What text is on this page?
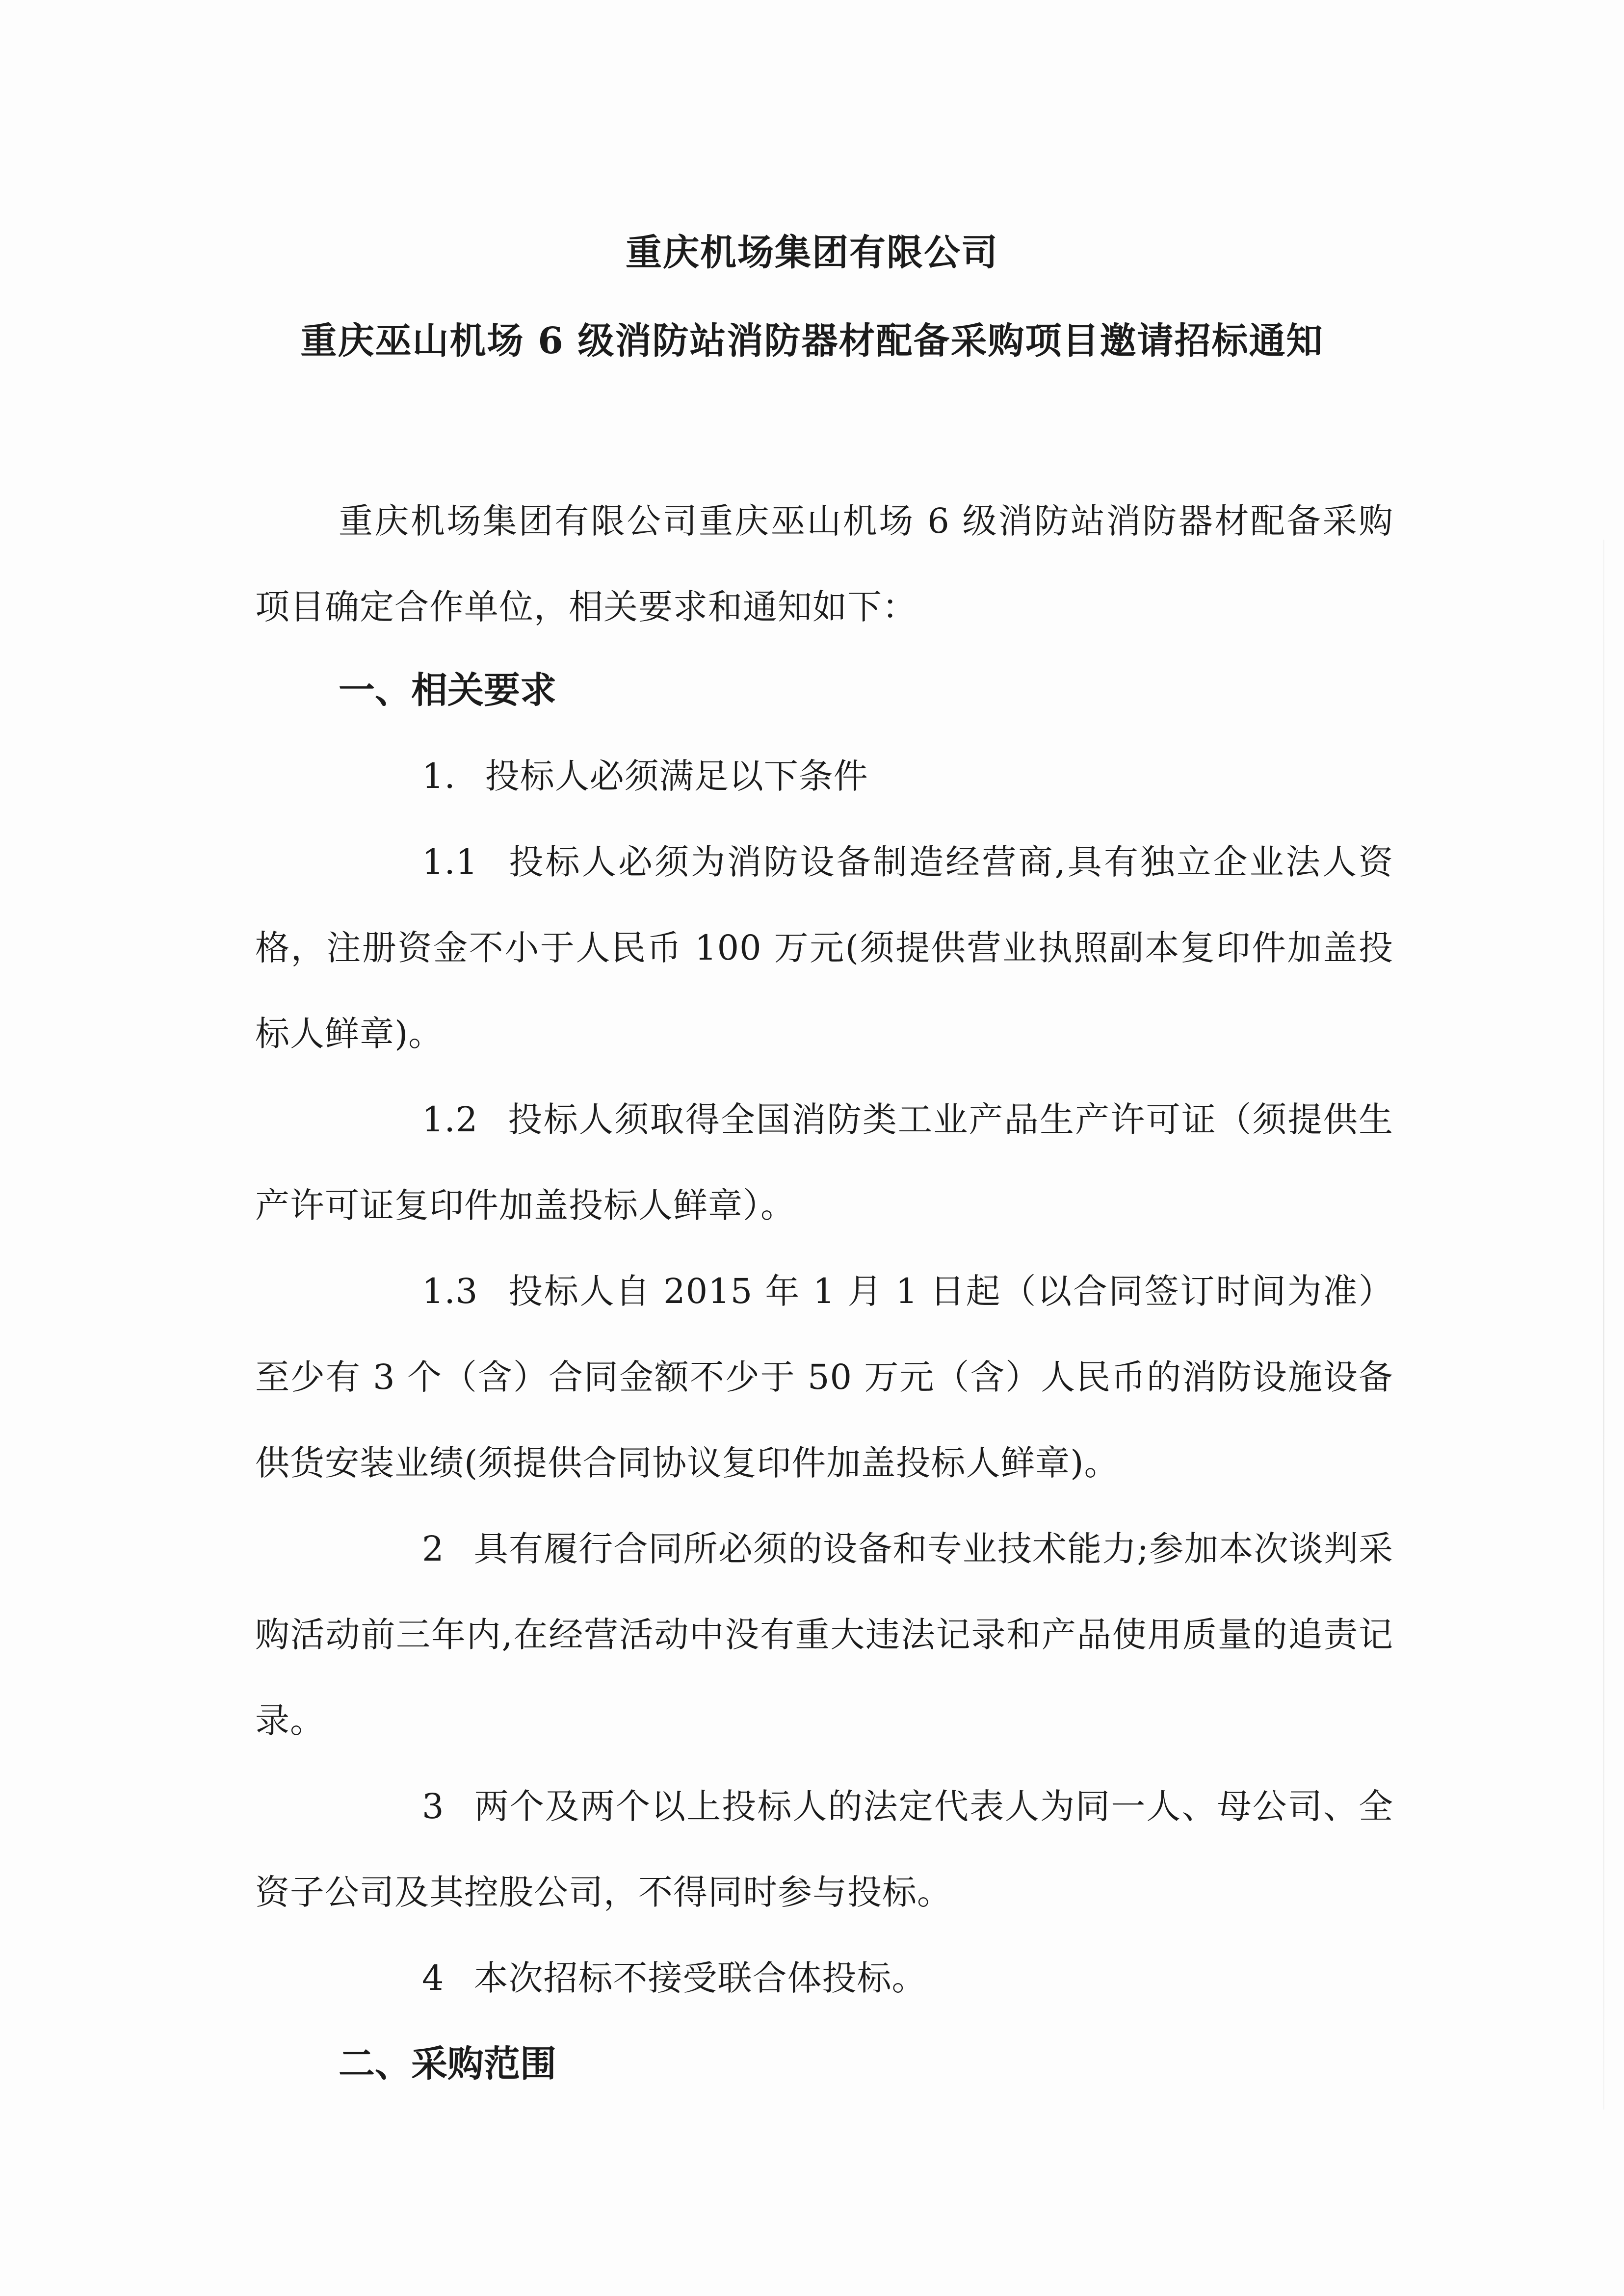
重庆机场集团有限公司
重庆巫山机场 6 级消防站消防器材配备采购项目邀请招标通知

重庆机场集团有限公司重庆巫山机场 6 级消防站消防器材配备采购项目确定合作单位，相关要求和通知如下：

一、相关要求

1. 投标人必须满足以下条件

1.1 投标人必须为消防设备制造经营商,具有独立企业法人资格，注册资金不小于人民币 100 万元(须提供营业执照副本复印件加盖投标人鲜章)。

1.2 投标人须取得全国消防类工业产品生产许可证（须提供生产许可证复印件加盖投标人鲜章）。

1.3 投标人自 2015 年 1 月 1 日起（以合同签订时间为准）至少有 3 个（含）合同金额不少于 50 万元（含）人民币的消防设施设备供货安装业绩(须提供合同协议复印件加盖投标人鲜章)。

2 具有履行合同所必须的设备和专业技术能力;参加本次谈判采购活动前三年内,在经营活动中没有重大违法记录和产品使用质量的追责记录。

3 两个及两个以上投标人的法定代表人为同一人、母公司、全资子公司及其控股公司，不得同时参与投标。

4 本次招标不接受联合体投标。

二、采购范围
